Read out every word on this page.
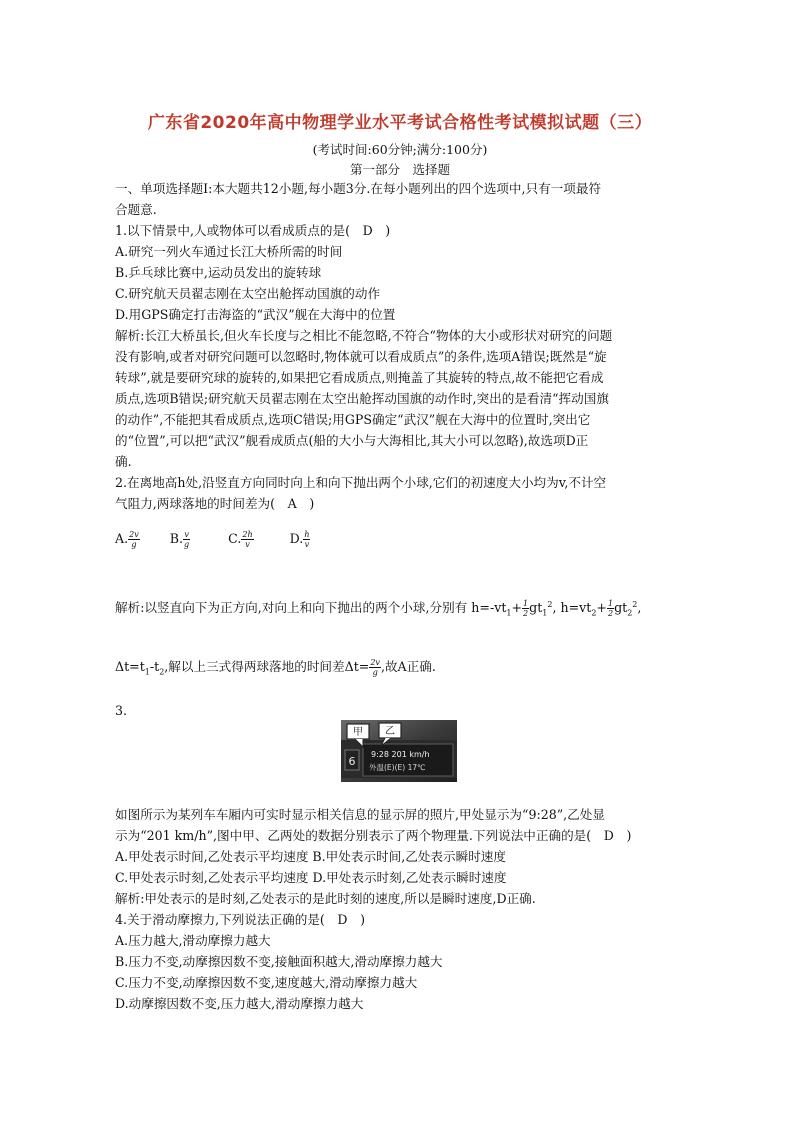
广东省2020年高中物理学业水平考试合格性考试模拟试题（三）
(考试时间:60分钟;满分:100分)
第一部分　选择题
一、单项选择题Ⅰ:本大题共12小题,每小题3分.在每小题列出的四个选项中,只有一项最符
合题意.
1.以下情景中,人或物体可以看成质点的是(　D　)
A.研究一列火车通过长江大桥所需的时间
B.乒乓球比赛中,运动员发出的旋转球
C.研究航天员翟志刚在太空出舱挥动国旗的动作
D.用GPS确定打击海盗的“武汉”舰在大海中的位置
解析:长江大桥虽长,但火车长度与之相比不能忽略,不符合“物体的大小或形状对研究的问题
没有影响,或者对研究问题可以忽略时,物体就可以看成质点”的条件,选项A错误;既然是“旋
转球”,就是要研究球的旋转的,如果把它看成质点,则掩盖了其旋转的特点,故不能把它看成
质点,选项B错误;研究航天员翟志刚在太空出舱挥动国旗的动作时,突出的是看清“挥动国旗
的动作”,不能把其看成质点,选项C错误;用GPS确定“武汉”舰在大海中的位置时,突出它
的“位置”,可以把“武汉”舰看成质点(船的大小与大海相比,其大小可以忽略),故选项D正
确.
2.在离地高h处,沿竖直方向同时向上和向下抛出两个小球,它们的初速度大小均为v,不计空
气阻力,两球落地的时间差为(　A　)
A. $\frac{2v}{g} B$. $\frac{v}{g}$	C. $\frac{2h}{v}$	D. $\frac{h}{v}$
解析:以竖直向下为正方向,对向上和向下抛出的两个小球,分别有 $h=-vt_1+ \frac{1}{2} gt_1^2$, $h=vt_2+ \frac{1}{2} gt_2^2$,
$\Delta t=t_1-t_2$,解以上三式得两球落地的时间差$\Delta t= \frac{2v}{g}$ ,故A正确.
3.
6
9:28 201 km/h
外温(E)(E) 17℃
甲 乙
如图所示为某列车车厢内可实时显示相关信息的显示屏的照片,甲处显示为“9:28”,乙处显
示为“201 km/h”,图中甲、乙两处的数据分别表示了两个物理量.下列说法中正确的是(　D　)
A.甲处表示时间,乙处表示平均速度 B.甲处表示时间,乙处表示瞬时速度
C.甲处表示时刻,乙处表示平均速度 D.甲处表示时刻,乙处表示瞬时速度
解析:甲处表示的是时刻,乙处表示的是此时刻的速度,所以是瞬时速度,D正确.
4.关于滑动摩擦力,下列说法正确的是(　D　)
A.压力越大,滑动摩擦力越大
B.压力不变,动摩擦因数不变,接触面积越大,滑动摩擦力越大
C.压力不变,动摩擦因数不变,速度越大,滑动摩擦力越大
D.动摩擦因数不变,压力越大,滑动摩擦力越大
